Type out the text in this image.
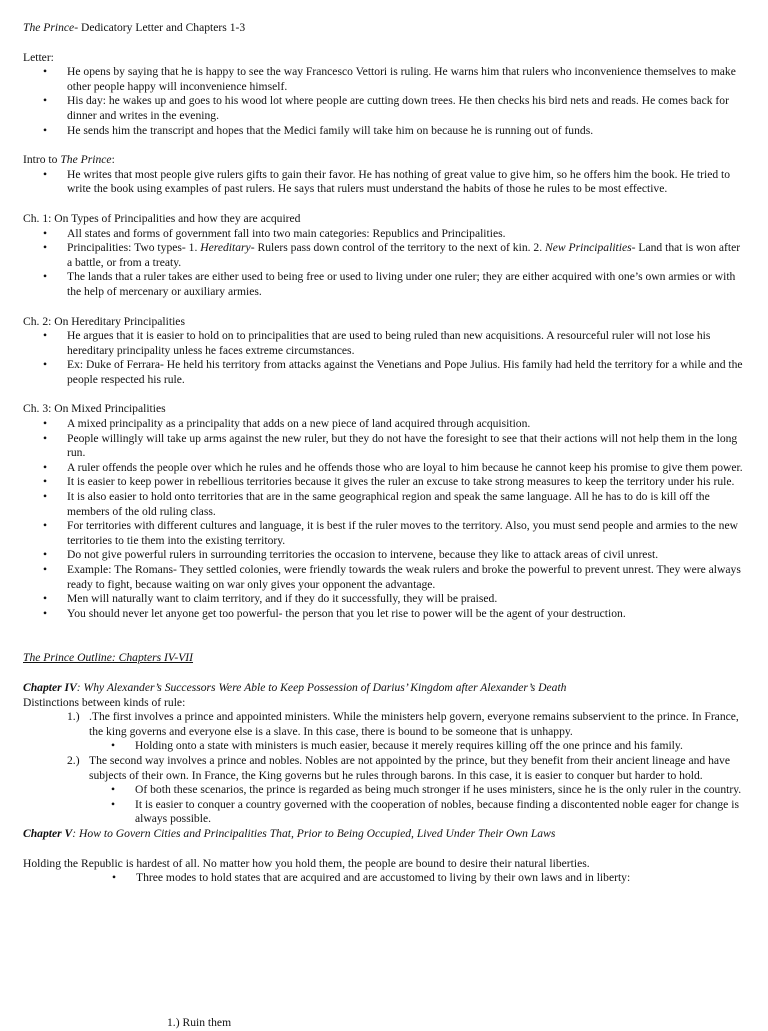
The Prince- Dedicatory Letter and Chapters 1-3

Letter:

• He opens by saying that he is happy to see the way Francesco Vettori is ruling. He warns him that rulers who inconvenience themselves to make other people happy will inconvenience himself.
• His day: he wakes up and goes to his wood lot where people are cutting down trees. He then checks his bird nets and reads. He comes back for dinner and writes in the evening.
• He sends him the transcript and hopes that the Medici family will take him on because he is running out of funds.

Intro to The Prince:

• He writes that most people give rulers gifts to gain their favor. He has nothing of great value to give him, so he offers him the book. He tried to write the book using examples of past rulers. He says that rulers must understand the habits of those he rules to be most effective.

Ch. 1: On Types of Principalities and how they are acquired

• All states and forms of government fall into two main categories: Republics and Principalities.
• Principalities: Two types- 1. Hereditary- Rulers pass down control of the territory to the next of kin. 2. New Principalities- Land that is won after a battle, or from a treaty.
• The lands that a ruler takes are either used to being free or used to living under one ruler; they are either acquired with one’s own armies or with the help of mercenary or auxiliary armies.

Ch. 2: On Hereditary Principalities

• He argues that it is easier to hold on to principalities that are used to being ruled than new acquisitions. A resourceful ruler will not lose his hereditary principality unless he faces extreme circumstances.
• Ex: Duke of Ferrara- He held his territory from attacks against the Venetians and Pope Julius. His family had held the territory for a while and the people respected his rule.

Ch. 3: On Mixed Principalities

• A mixed principality as a principality that adds on a new piece of land acquired through acquisition.
• People willingly will take up arms against the new ruler, but they do not have the foresight to see that their actions will not help them in the long run.
• A ruler offends the people over which he rules and he offends those who are loyal to him because he cannot keep his promise to give them power.
• It is easier to keep power in rebellious territories because it gives the ruler an excuse to take strong measures to keep the territory under his rule.
• It is also easier to hold onto territories that are in the same geographical region and speak the same language. All he has to do is kill off the members of the old ruling class.
• For territories with different cultures and language, it is best if the ruler moves to the territory. Also, you must send people and armies to the new territories to tie them into the existing territory.
• Do not give powerful rulers in surrounding territories the occasion to intervene, because they like to attack areas of civil unrest.
• Example: The Romans- They settled colonies, were friendly towards the weak rulers and broke the powerful to prevent unrest. They were always ready to fight, because waiting on war only gives your opponent the advantage.
• Men will naturally want to claim territory, and if they do it successfully, they will be praised.
• You should never let anyone get too powerful- the person that you let rise to power will be the agent of your destruction.

The Prince Outline: Chapters IV-VII

Chapter IV: Why Alexander’s Successors Were Able to Keep Possession of Darius’ Kingdom after Alexander’s Death

Distinctions between kinds of rule:

1.) .The first involves a prince and appointed ministers. While the ministers help govern, everyone remains subservient to the prince. In France, the king governs and everyone else is a slave. In this case, there is bound to be someone that is unhappy.
• Holding onto a state with ministers is much easier, because it merely requires killing off the one prince and his family.
2.) The second way involves a prince and nobles. Nobles are not appointed by the prince, but they benefit from their ancient lineage and have subjects of their own. In France, the King governs but he rules through barons. In this case, it is easier to conquer but harder to hold.
• Of both these scenarios, the prince is regarded as being much stronger if he uses ministers, since he is the only ruler in the country.
• It is easier to conquer a country governed with the cooperation of nobles, because finding a discontented noble eager for change is always possible.

Chapter V: How to Govern Cities and Principalities That, Prior to Being Occupied, Lived Under Their Own Laws

Holding the Republic is hardest of all. No matter how you hold them, the people are bound to desire their natural liberties.

• Three modes to hold states that are acquired and are accustomed to living by their own laws and in liberty:

1.) Ruin them
